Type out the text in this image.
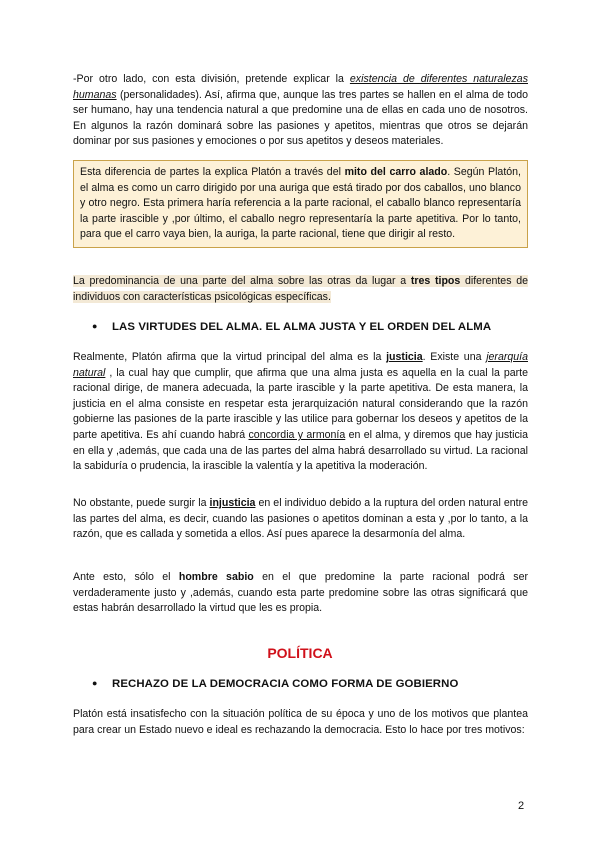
-Por otro lado, con esta división, pretende explicar la existencia de diferentes naturalezas humanas (personalidades). Así, afirma que, aunque las tres partes se hallen en el alma de todo ser humano, hay una tendencia natural a que predomine una de ellas en cada uno de nosotros. En algunos la razón dominará sobre las pasiones y apetitos, mientras que otros se dejarán dominar por sus pasiones y emociones o por sus apetitos y deseos materiales.

Esta diferencia de partes la explica Platón a través del mito del carro alado. Según Platón, el alma es como un carro dirigido por una auriga que está tirado por dos caballos, uno blanco y otro negro. Esta primera haría referencia a la parte racional, el caballo blanco representaría la parte irascible y ,por último, el caballo negro representaría la parte apetitiva. Por lo tanto, para que el carro vaya bien, la auriga, la parte racional, tiene que dirigir al resto.

La predominancia de una parte del alma sobre las otras da lugar a tres tipos diferentes de individuos con características psicológicas específicas.

● LAS VIRTUDES DEL ALMA. EL ALMA JUSTA Y EL ORDEN DEL ALMA

Realmente, Platón afirma que la virtud principal del alma es la justicia. Existe una jerarquía natural , la cual hay que cumplir, que afirma que una alma justa es aquella en la cual la parte racional dirige, de manera adecuada, la parte irascible y la parte apetitiva. De esta manera, la justicia en el alma consiste en respetar esta jerarquización natural considerando que la razón gobierne las pasiones de la parte irascible y las utilice para gobernar los deseos y apetitos de la parte apetitiva. Es ahí cuando habrá concordia y armonía en el alma, y diremos que hay justicia en ella y ,además, que cada una de las partes del alma habrá desarrollado su virtud. La racional la sabiduría o prudencia, la irascible la valentía y la apetitiva la moderación.

No obstante, puede surgir la injusticia en el individuo debido a la ruptura del orden natural entre las partes del alma, es decir, cuando las pasiones o apetitos dominan a esta y ,por lo tanto, a la razón, que es callada y sometida a ellos. Así pues aparece la desarmonía del alma.

Ante esto, sólo el hombre sabio en el que predomine la parte racional podrá ser verdaderamente justo y ,además, cuando esta parte predomine sobre las otras significará que estas habrán desarrollado la virtud que les es propia.

POLÍTICA

● RECHAZO DE LA DEMOCRACIA COMO FORMA DE GOBIERNO

Platón está insatisfecho con la situación política de su época y uno de los motivos que plantea para crear un Estado nuevo e ideal es rechazando la democracia. Esto lo hace por tres motivos:

2
